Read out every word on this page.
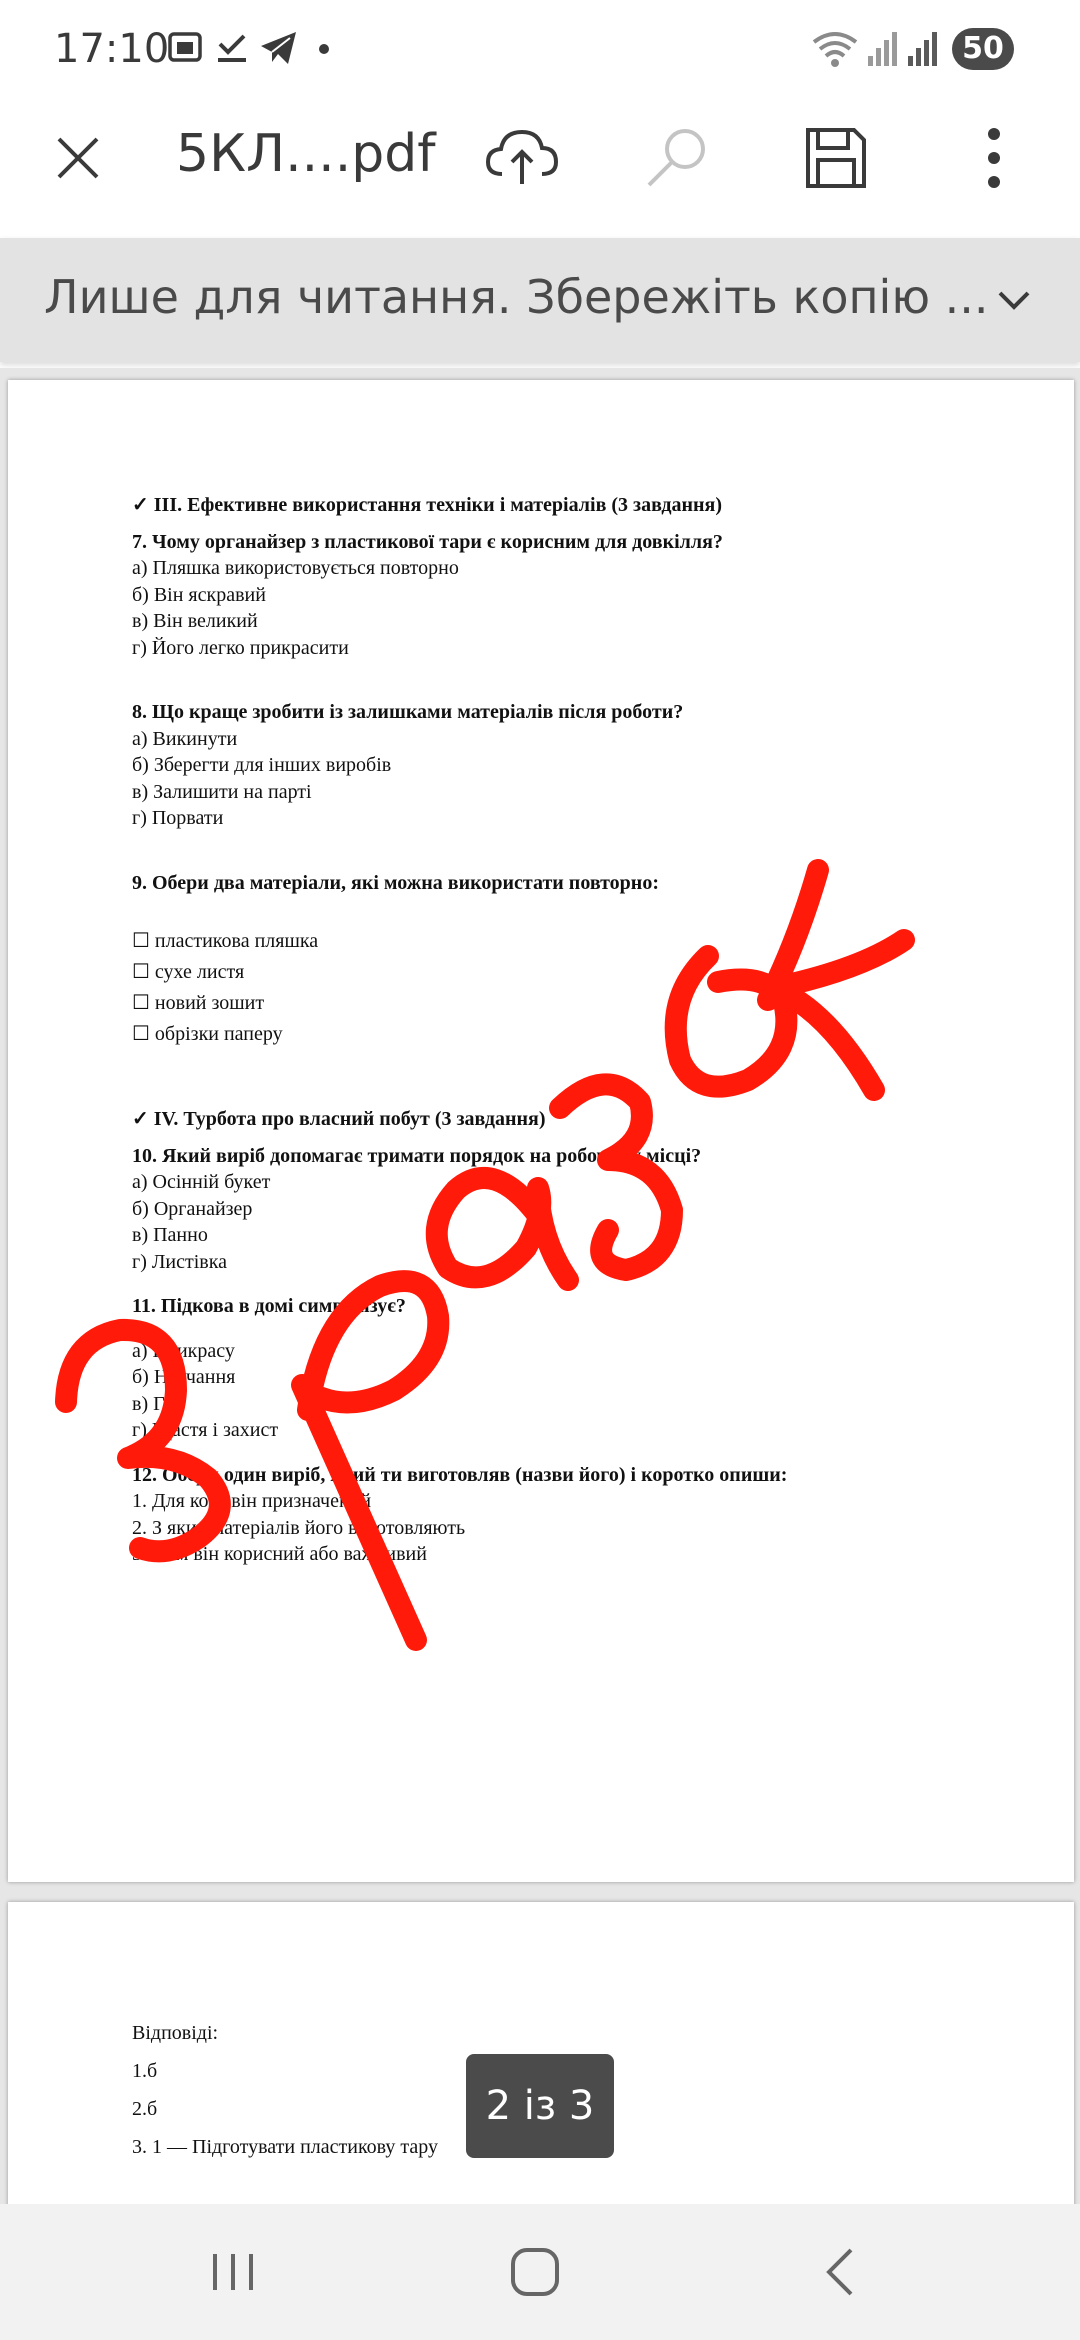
17:10	50
5КЛ....pdf
Лише для читання. Збережіть копію ...
✓ III. Ефективне використання техніки і матеріалів (3 завдання)
7. Чому органайзер з пластикової тари є корисним для довкілля?
а) Пляшка використовується повторно
б) Він яскравий
в) Він великий
г) Його легко прикрасити
8. Що краще зробити із залишками матеріалів після роботи?
а) Викинути
б) Зберегти для інших виробів
в) Залишити на парті
г) Порвати
9. Обери два матеріали, які можна використати повторно:
☐ пластикова пляшка
☐ сухе листя
☐ новий зошит
☐ обрізки паперу
✓ IV. Турбота про власний побут (3 завдання)
10. Який виріб допомагає тримати порядок на робочому місці?
а) Осінній букет
б) Органайзер
в) Панно
г) Листівка
11. Підкова в домі символізує?
а) Прикрасу
б) Навчання
в) Гру
г) Щастя і захист
12. Обери один виріб, який ти виготовляв (назви його) і коротко опиши:
1. Для кого він призначений
2. З яких матеріалів його виготовляють
3. Чим він корисний або важливий
Відповіді:
1.б
2.б
3. 1 — Підготувати пластикову тару
2 із 3
